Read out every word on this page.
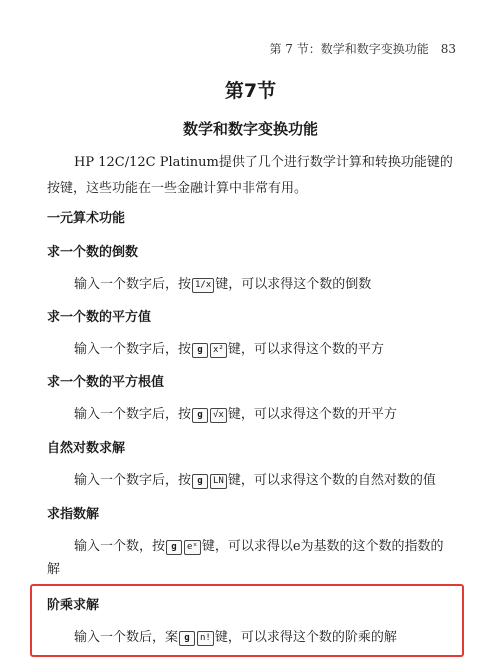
第 7 节：数学和数字变换功能 83
第7节
数学和数字变换功能
HP 12C/12C Platinum提供了几个进行数学计算和转换功能键的按键，这些功能在一些金融计算中非常有用。
一元算术功能
求一个数的倒数
输入一个数字后，按 1/x 键，可以求得这个数的倒数
求一个数的平方值
输入一个数字后，按 g x² 键，可以求得这个数的平方
求一个数的平方根值
输入一个数字后，按 g √x 键，可以求得这个数的开平方
自然对数求解
输入一个数字后，按 g LN 键，可以求得这个数的自然对数的值
求指数解
输入一个数，按 g eˣ 键，可以求得以e为基数的这个数的指数的
解
阶乘求解
输入一个数后，案 g n! 键，可以求得这个数的阶乘的解
